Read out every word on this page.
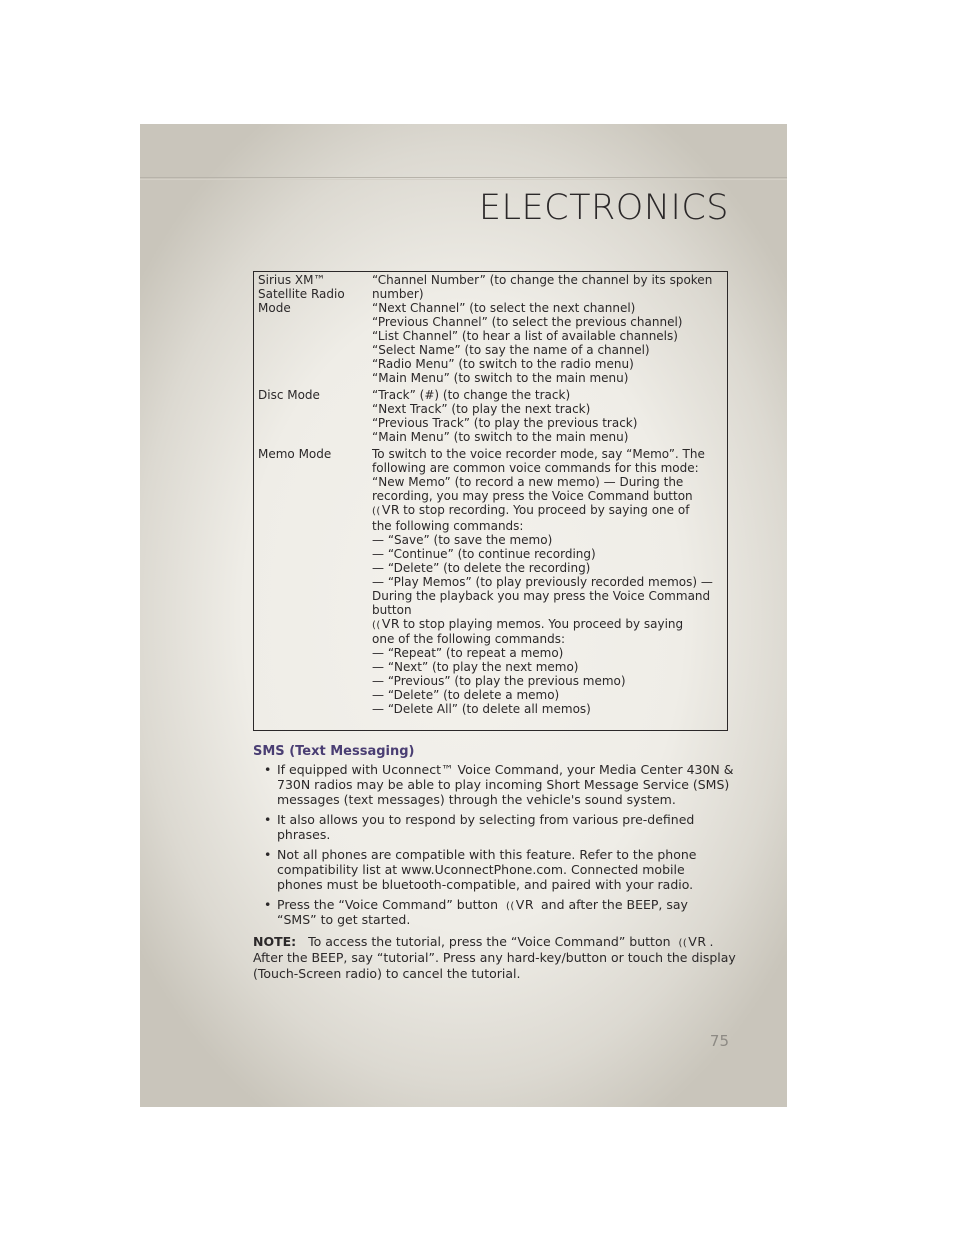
ELECTRONICS
Sirius XM™
Satellite Radio
Mode
“Channel Number” (to change the channel by its spoken
number)
“Next Channel” (to select the next channel)
“Previous Channel” (to select the previous channel)
“List Channel” (to hear a list of available channels)
“Select Name” (to say the name of a channel)
“Radio Menu” (to switch to the radio menu)
“Main Menu” (to switch to the main menu)
Disc Mode	“Track” (#) (to change the track)
“Next Track” (to play the next track)
“Previous Track” (to play the previous track)
“Main Menu” (to switch to the main menu)
Memo Mode	To switch to the voice recorder mode, say “Memo”. The
following are common voice commands for this mode:
“New Memo” (to record a new memo) — During the
recording, you may press the Voice Command button
((VR to stop recording. You proceed by saying one of
the following commands:
— “Save” (to save the memo)
— “Continue” (to continue recording)
— “Delete” (to delete the recording)
— “Play Memos” (to play previously recorded memos) —
During the playback you may press the Voice Command
button
((VR to stop playing memos. You proceed by saying
one of the following commands:
— “Repeat” (to repeat a memo)
— “Next” (to play the next memo)
— “Previous” (to play the previous memo)
— “Delete” (to delete a memo)
— “Delete All” (to delete all memos)
SMS (Text Messaging)
• If equipped with Uconnect™ Voice Command, your Media Center 430N &
730N radios may be able to play incoming Short Message Service (SMS)
messages (text messages) through the vehicle's sound system.
• It also allows you to respond by selecting from various pre-defined
phrases.
• Not all phones are compatible with this feature. Refer to the phone
compatibility list at www.UconnectPhone.com. Connected mobile
phones must be bluetooth-compatible, and paired with your radio.
• Press the “Voice Command” button ((VR and after the BEEP, say
“SMS” to get started.
NOTE: To access the tutorial, press the “Voice Command” button ((VR .
After the BEEP, say “tutorial”. Press any hard-key/button or touch the display
(Touch-Screen radio) to cancel the tutorial.
75
